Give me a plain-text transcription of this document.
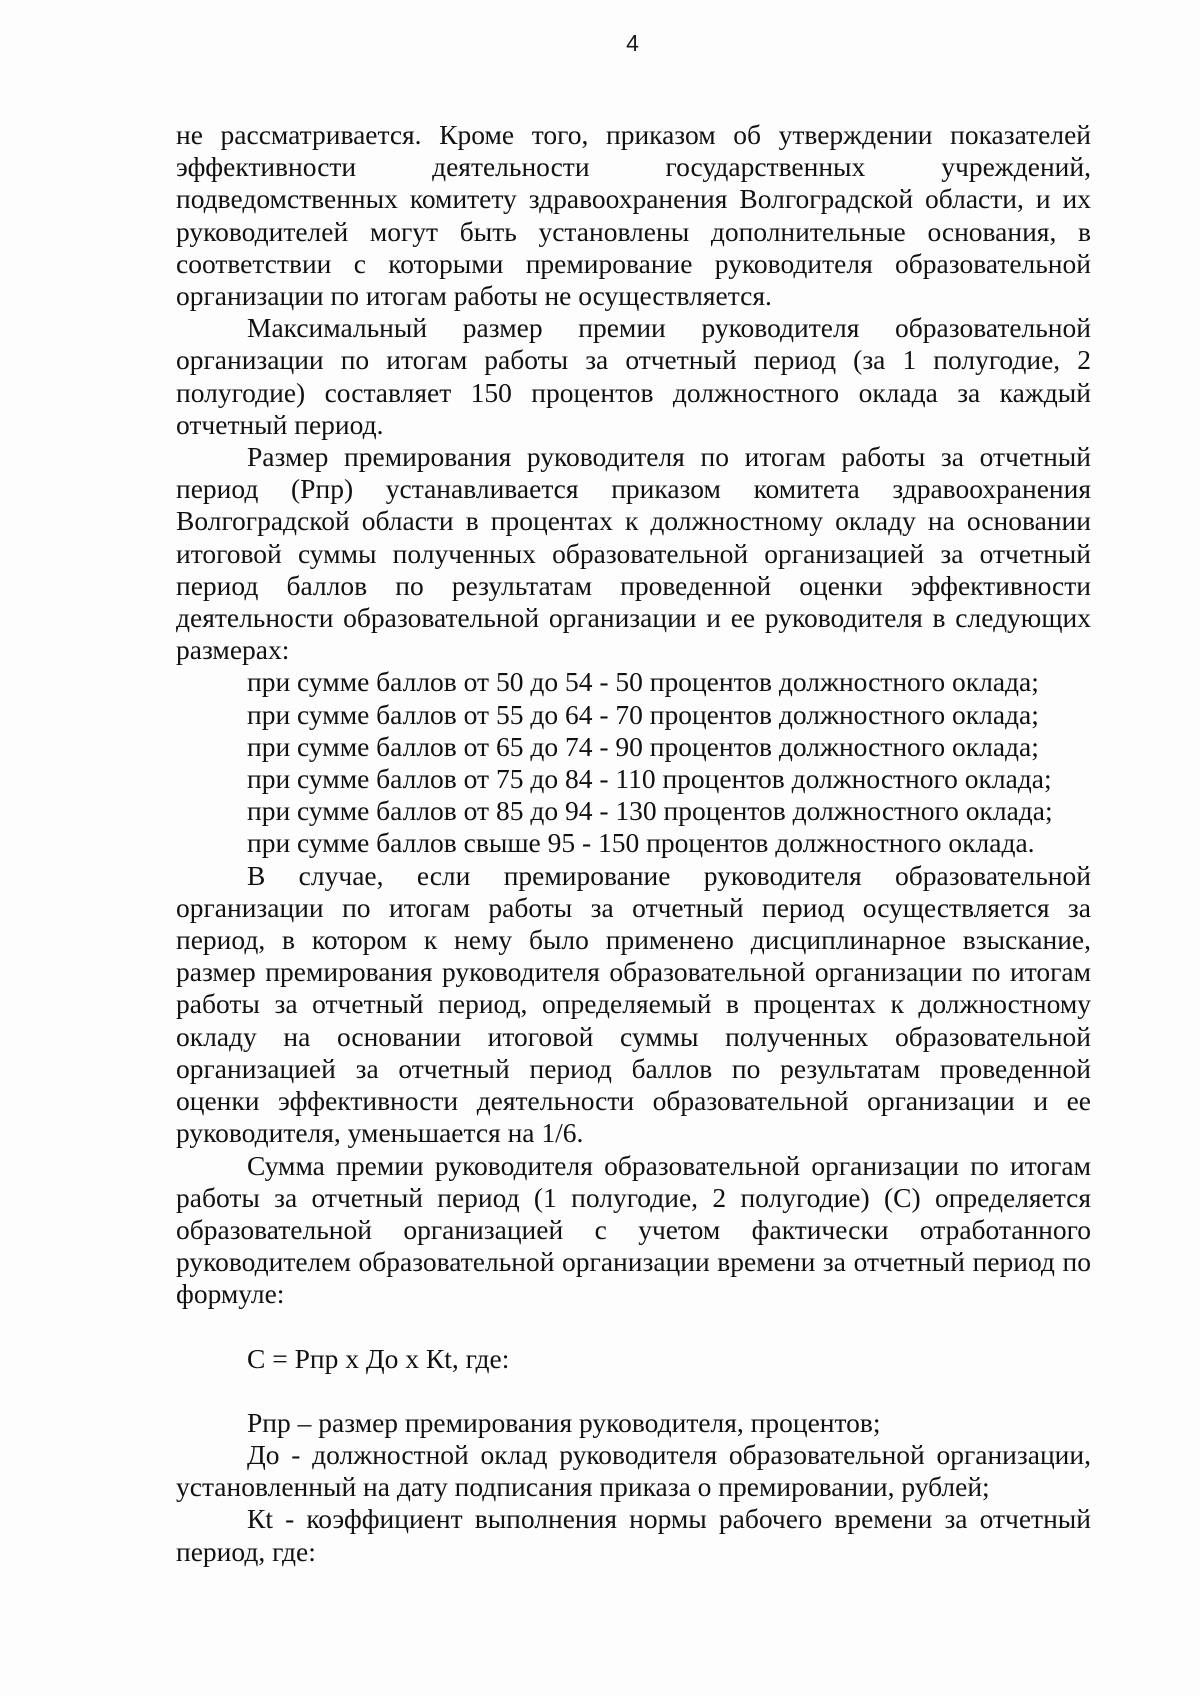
4

не рассматривается. Кроме того, приказом об утверждении показателей эффективности деятельности государственных учреждений, подведомственных комитету здравоохранения Волгоградской области, и их руководителей могут быть установлены дополнительные основания, в соответствии с которыми премирование руководителя образовательной организации по итогам работы не осуществляется.

Максимальный размер премии руководителя образовательной организации по итогам работы за отчетный период (за 1 полугодие, 2 полугодие) составляет 150 процентов должностного оклада за каждый отчетный период.

Размер премирования руководителя по итогам работы за отчетный период (Рпр) устанавливается приказом комитета здравоохранения Волгоградской области в процентах к должностному окладу на основании итоговой суммы полученных образовательной организацией за отчетный период баллов по результатам проведенной оценки эффективности деятельности образовательной организации и ее руководителя в следующих размерах:

при сумме баллов от 50 до 54 - 50 процентов должностного оклада;

при сумме баллов от 55 до 64 - 70 процентов должностного оклада;

при сумме баллов от 65 до 74 - 90 процентов должностного оклада;

при сумме баллов от 75 до 84 - 110 процентов должностного оклада;

при сумме баллов от 85 до 94 - 130 процентов должностного оклада;

при сумме баллов свыше 95 - 150 процентов должностного оклада.

В случае, если премирование руководителя образовательной организации по итогам работы за отчетный период осуществляется за период, в котором к нему было применено дисциплинарное взыскание, размер премирования руководителя образовательной организации по итогам работы за отчетный период, определяемый в процентах к должностному окладу на основании итоговой суммы полученных образовательной организацией за отчетный период баллов по результатам проведенной оценки эффективности деятельности образовательной организации и ее руководителя, уменьшается на 1/6.

Сумма премии руководителя образовательной организации по итогам работы за отчетный период (1 полугодие, 2 полугодие) (С) определяется образовательной организацией с учетом фактически отработанного руководителем образовательной организации времени за отчетный период по формуле:

С = Рпр х До х Кt, где:

Рпр – размер премирования руководителя, процентов;

До - должностной оклад руководителя образовательной организации, установленный на дату подписания приказа о премировании, рублей;

Кt - коэффициент выполнения нормы рабочего времени за отчетный период, где:
